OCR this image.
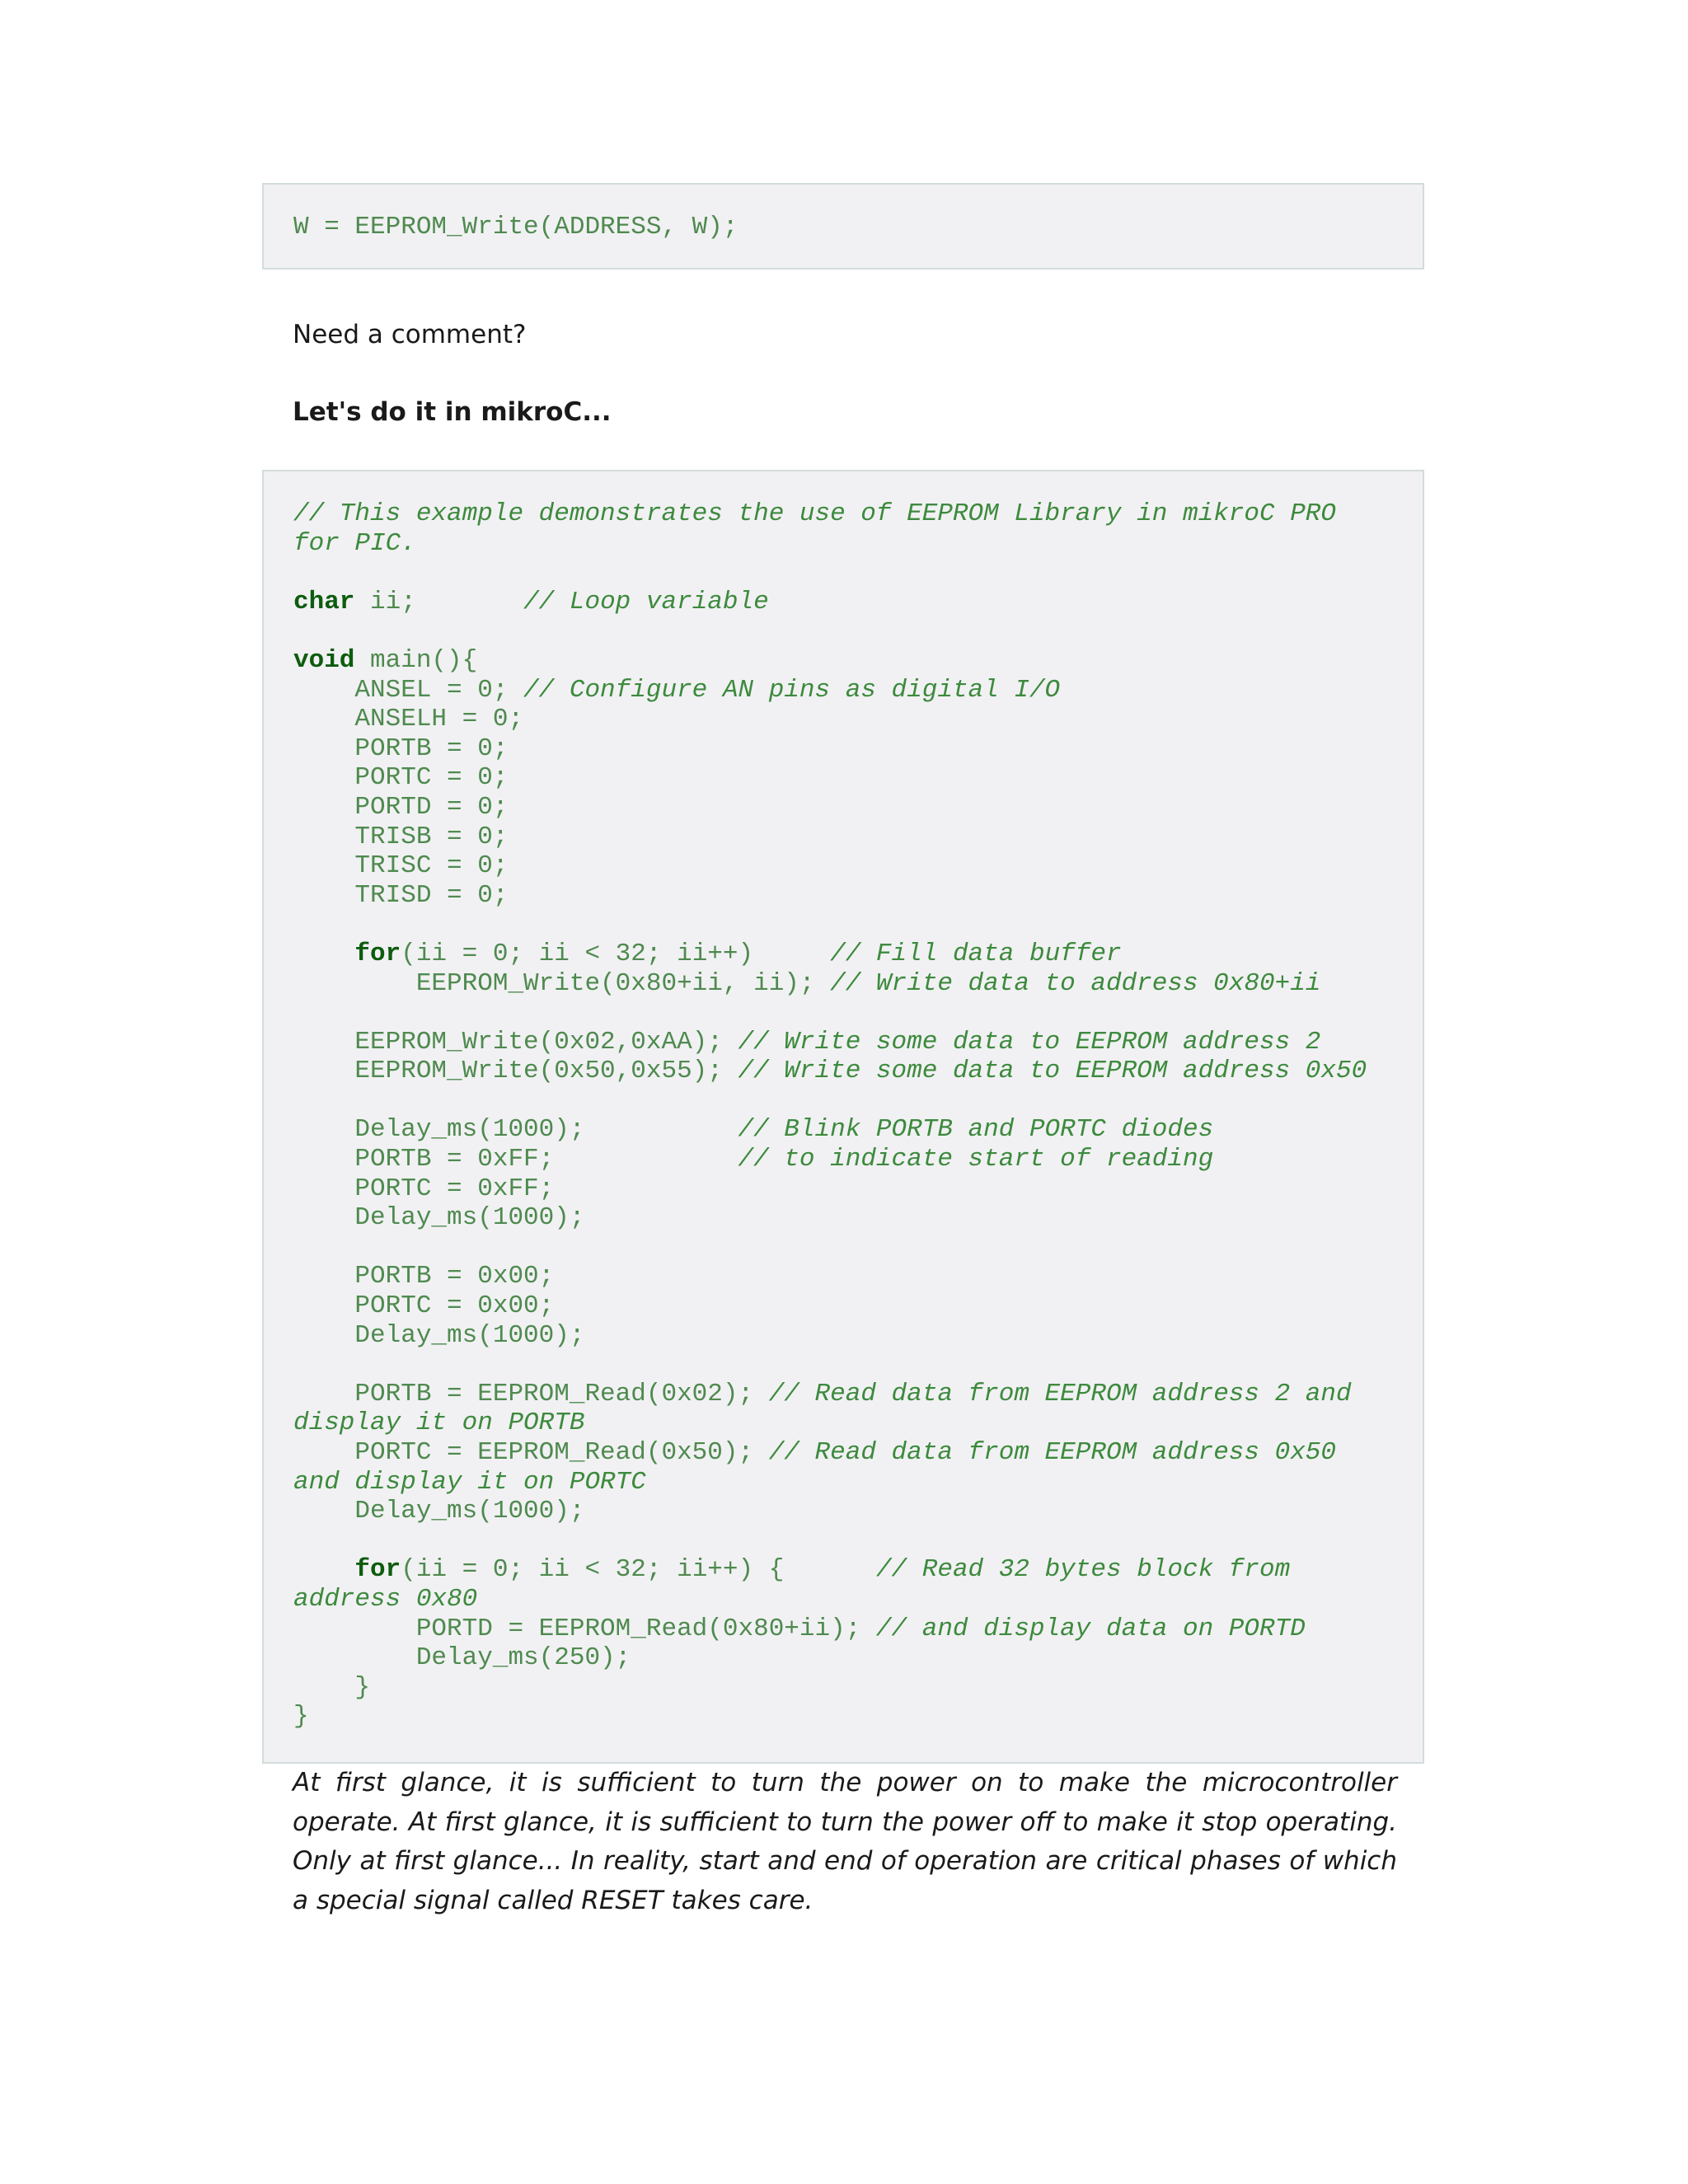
W = EEPROM_Write(ADDRESS, W);

Need a comment?

Let's do it in mikroC...

// This example demonstrates the use of EEPROM Library in mikroC PRO
for PIC.

char ii;       // Loop variable

void main(){
ANSEL = 0; // Configure AN pins as digital I/O
ANSELH = 0;
PORTB = 0;
PORTC = 0;
PORTD = 0;
TRISB = 0;
TRISC = 0;
TRISD = 0;

for(ii = 0; ii < 32; ii++)     // Fill data buffer
EEPROM_Write(0x80+ii, ii); // Write data to address 0x80+ii

EEPROM_Write(0x02,0xAA); // Write some data to EEPROM address 2
EEPROM_Write(0x50,0x55); // Write some data to EEPROM address 0x50

Delay_ms(1000);          // Blink PORTB and PORTC diodes
PORTB = 0xFF;            // to indicate start of reading
PORTC = 0xFF;
Delay_ms(1000);

PORTB = 0x00;
PORTC = 0x00;
Delay_ms(1000);

PORTB = EEPROM_Read(0x02); // Read data from EEPROM address 2 and
display it on PORTB
PORTC = EEPROM_Read(0x50); // Read data from EEPROM address 0x50
and display it on PORTC
Delay_ms(1000);

for(ii = 0; ii < 32; ii++) {      // Read 32 bytes block from
address 0x80
PORTD = EEPROM_Read(0x80+ii); // and display data on PORTD
Delay_ms(250);
}
}

At first glance, it is sufficient to turn the power on to make the microcontroller operate. At first glance, it is sufficient to turn the power off to make it stop operating. Only at first glance... In reality, start and end of operation are critical phases of which a special signal called RESET takes care.
